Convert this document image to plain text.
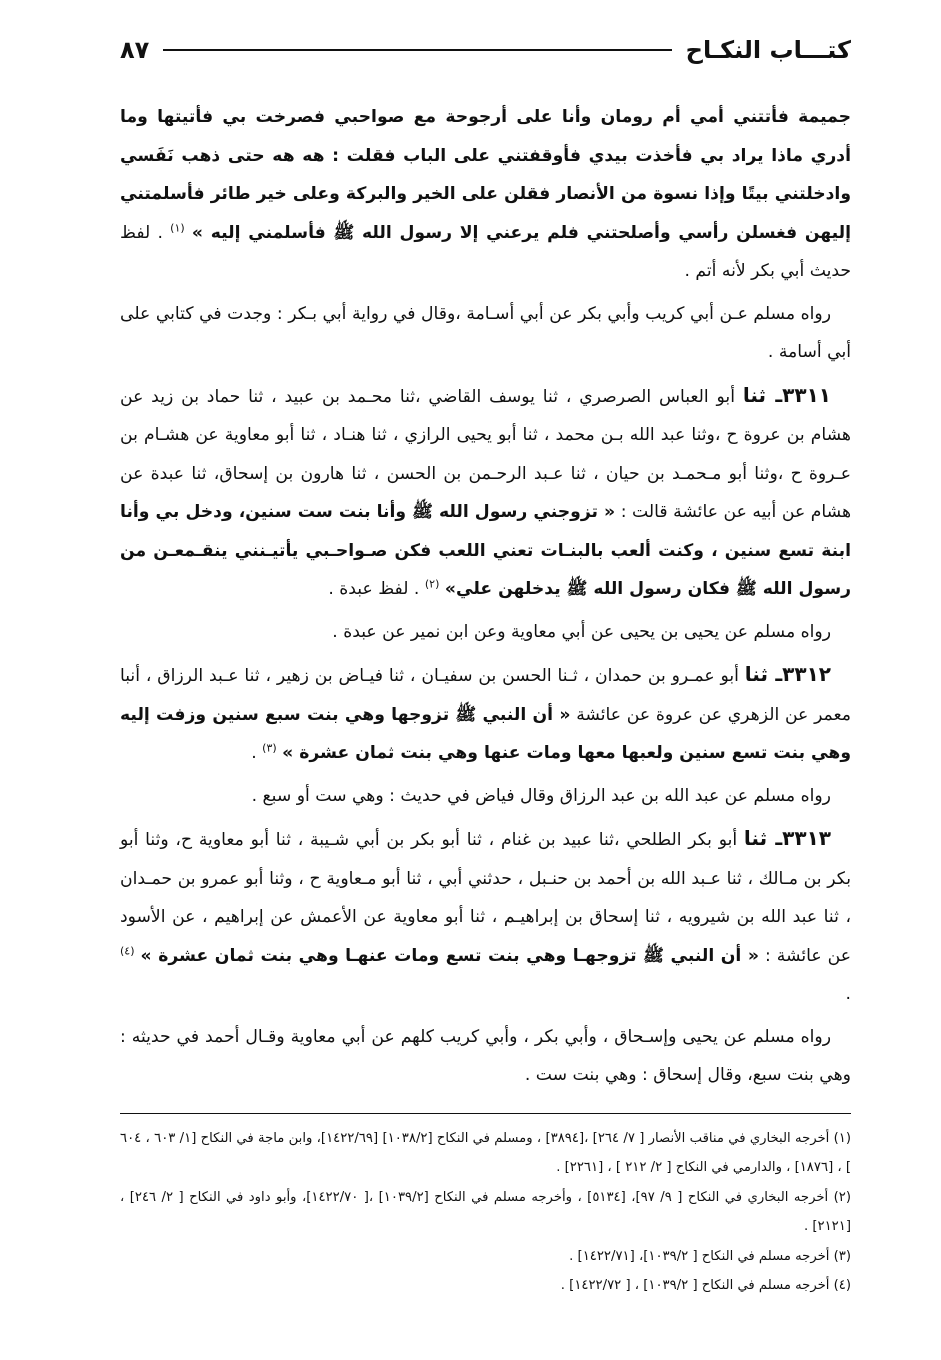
كتـــاب النكـاح
٨٧

جميمة فأتتني أمي أم رومان وأنا على أرجوحة مع صواحبي فصرخت بي فأتيتها وما أدري ماذا يراد بي فأخذت بيدي فأوقفتني على الباب فقلت : هه هه حتى ذهب نَفَسي وادخلتني بيتًا وإذا نسوة من الأنصار فقلن على الخير والبركة وعلى خير طائر فأسلمتني إليهن فغسلن رأسي وأصلحتني فلم يرعني إلا رسول الله ﷺ فأسلمني إليه » $^{(١)}$ . لفظ حديث أبي بكر لأنه أتم .

رواه مسلم عـن أبي كريب وأبي بكر عن أبي أسـامة ،وقال في رواية أبي بـكر : وجدت في كتابي على أبي أسامة .

٣٣١١ـ ثنا أبو العباس الصرصري ، ثنا يوسف القاضي ،ثنا محـمد بن عبيد ، ثنا حماد بن زيد عن هشام بن عروة ح ،وثنا عبد الله بـن محمد ، ثنا أبو يحيى الرازي ، ثنا هنـاد ، ثنا أبو معاوية عن هشـام بن عـروة ح ،وثنا أبو مـحمـد بن حيان ، ثنا عـبد الرحـمن بن الحسن ، ثنا هارون بن إسحاق، ثنا عبدة عن هشام عن أبيه عن عائشة قالت : « تزوجني رسول الله ﷺ وأنا بنت ست سنين، ودخل بي وأنا ابنة تسع سنين ، وكنت ألعب بالبنـات تعني اللعب فكن صـواحـبي يأتيـنني ينقـمعـن من رسول الله ﷺ فكان رسول الله ﷺ يدخلهن علي» $^{(٢)}$ . لفظ عبدة .

رواه مسلم عن يحيى بن يحيى عن أبي معاوية وعن ابن نمير عن عبدة .

٣٣١٢ـ ثنا أبو عمـرو بن حمدان ، ثـنا الحسن بن سفيـان ، ثنا فيـاض بن زهير ، ثنا عـبد الرزاق ، أنبا معمر عن الزهري عن عروة عن عائشة « أن النبي ﷺ تزوجها وهي بنت سبع سنين وزفت إليه وهي بنت تسع سنين ولعبها معها ومات عنها وهي بنت ثمان عشرة » $^{(٣)}$ .

رواه مسلم عن عبد الله بن عبد الرزاق وقال فياض في حديث : وهي ست أو سبع .

٣٣١٣ـ ثنا أبو بكر الطلحي ،ثنا عبيد بن غنام ، ثنا أبو بكر بن أبي شـيبة ، ثنا أبو معاوية ح، وثنا أبو بكر بن مـالك ، ثنا عـبد الله بن أحمد بن حنـبل ، حدثني أبي ، ثنا أبو مـعاوية ح ، وثنا أبو عمرو بن حمـدان ، ثنا عبد الله بن شيرويه ، ثنا إسحاق بن إبراهيـم ، ثنا أبو معاوية عن الأعمش عن إبراهيم ، عن الأسود عن عائشة : « أن النبي ﷺ تزوجهـا وهي بنت تسع ومات عنهـا وهي بنت ثمان عشرة » $^{(٤)}$ .

رواه مسلم عن يحيى وإسـحاق ، وأبي بكر ، وأبي كريب كلهم عن أبي معاوية وقـال أحمد في حديثه : وهي بنت سبع، وقال إسحاق : وهي بنت ست .

(١) أخرجه البخاري في مناقب الأنصار [ ٧/ ٢٦٤] ،[٣٨٩٤] ، ومسلم في النكاح [١٠٣٨/٢] [١٤٢٢/٦٩]، وابن ماجة في النكاح [١/ ٦٠٣ ، ٦٠٤ ] ، [١٨٧٦] ، والدارمي في النكاح [ ٢/ ٢١٢ ] ، [٢٢٦١] .

(٢) أخرجه البخاري في النكاح [ ٩/ ٩٧]، [٥١٣٤] ، وأخرجه مسلم في النكاح [١٠٣٩/٢] ،[ ١٤٢٢/٧٠]، وأبو داود في النكاح [ ٢/ ٢٤٦] ،[٢١٢١] .

(٣) أخرجه مسلم في النكاح [ ١٠٣٩/٢]، [١٤٢٢/٧١] .

(٤) أخرجه مسلم في النكاح [ ١٠٣٩/٢] ، [ ١٤٢٢/٧٢] .
